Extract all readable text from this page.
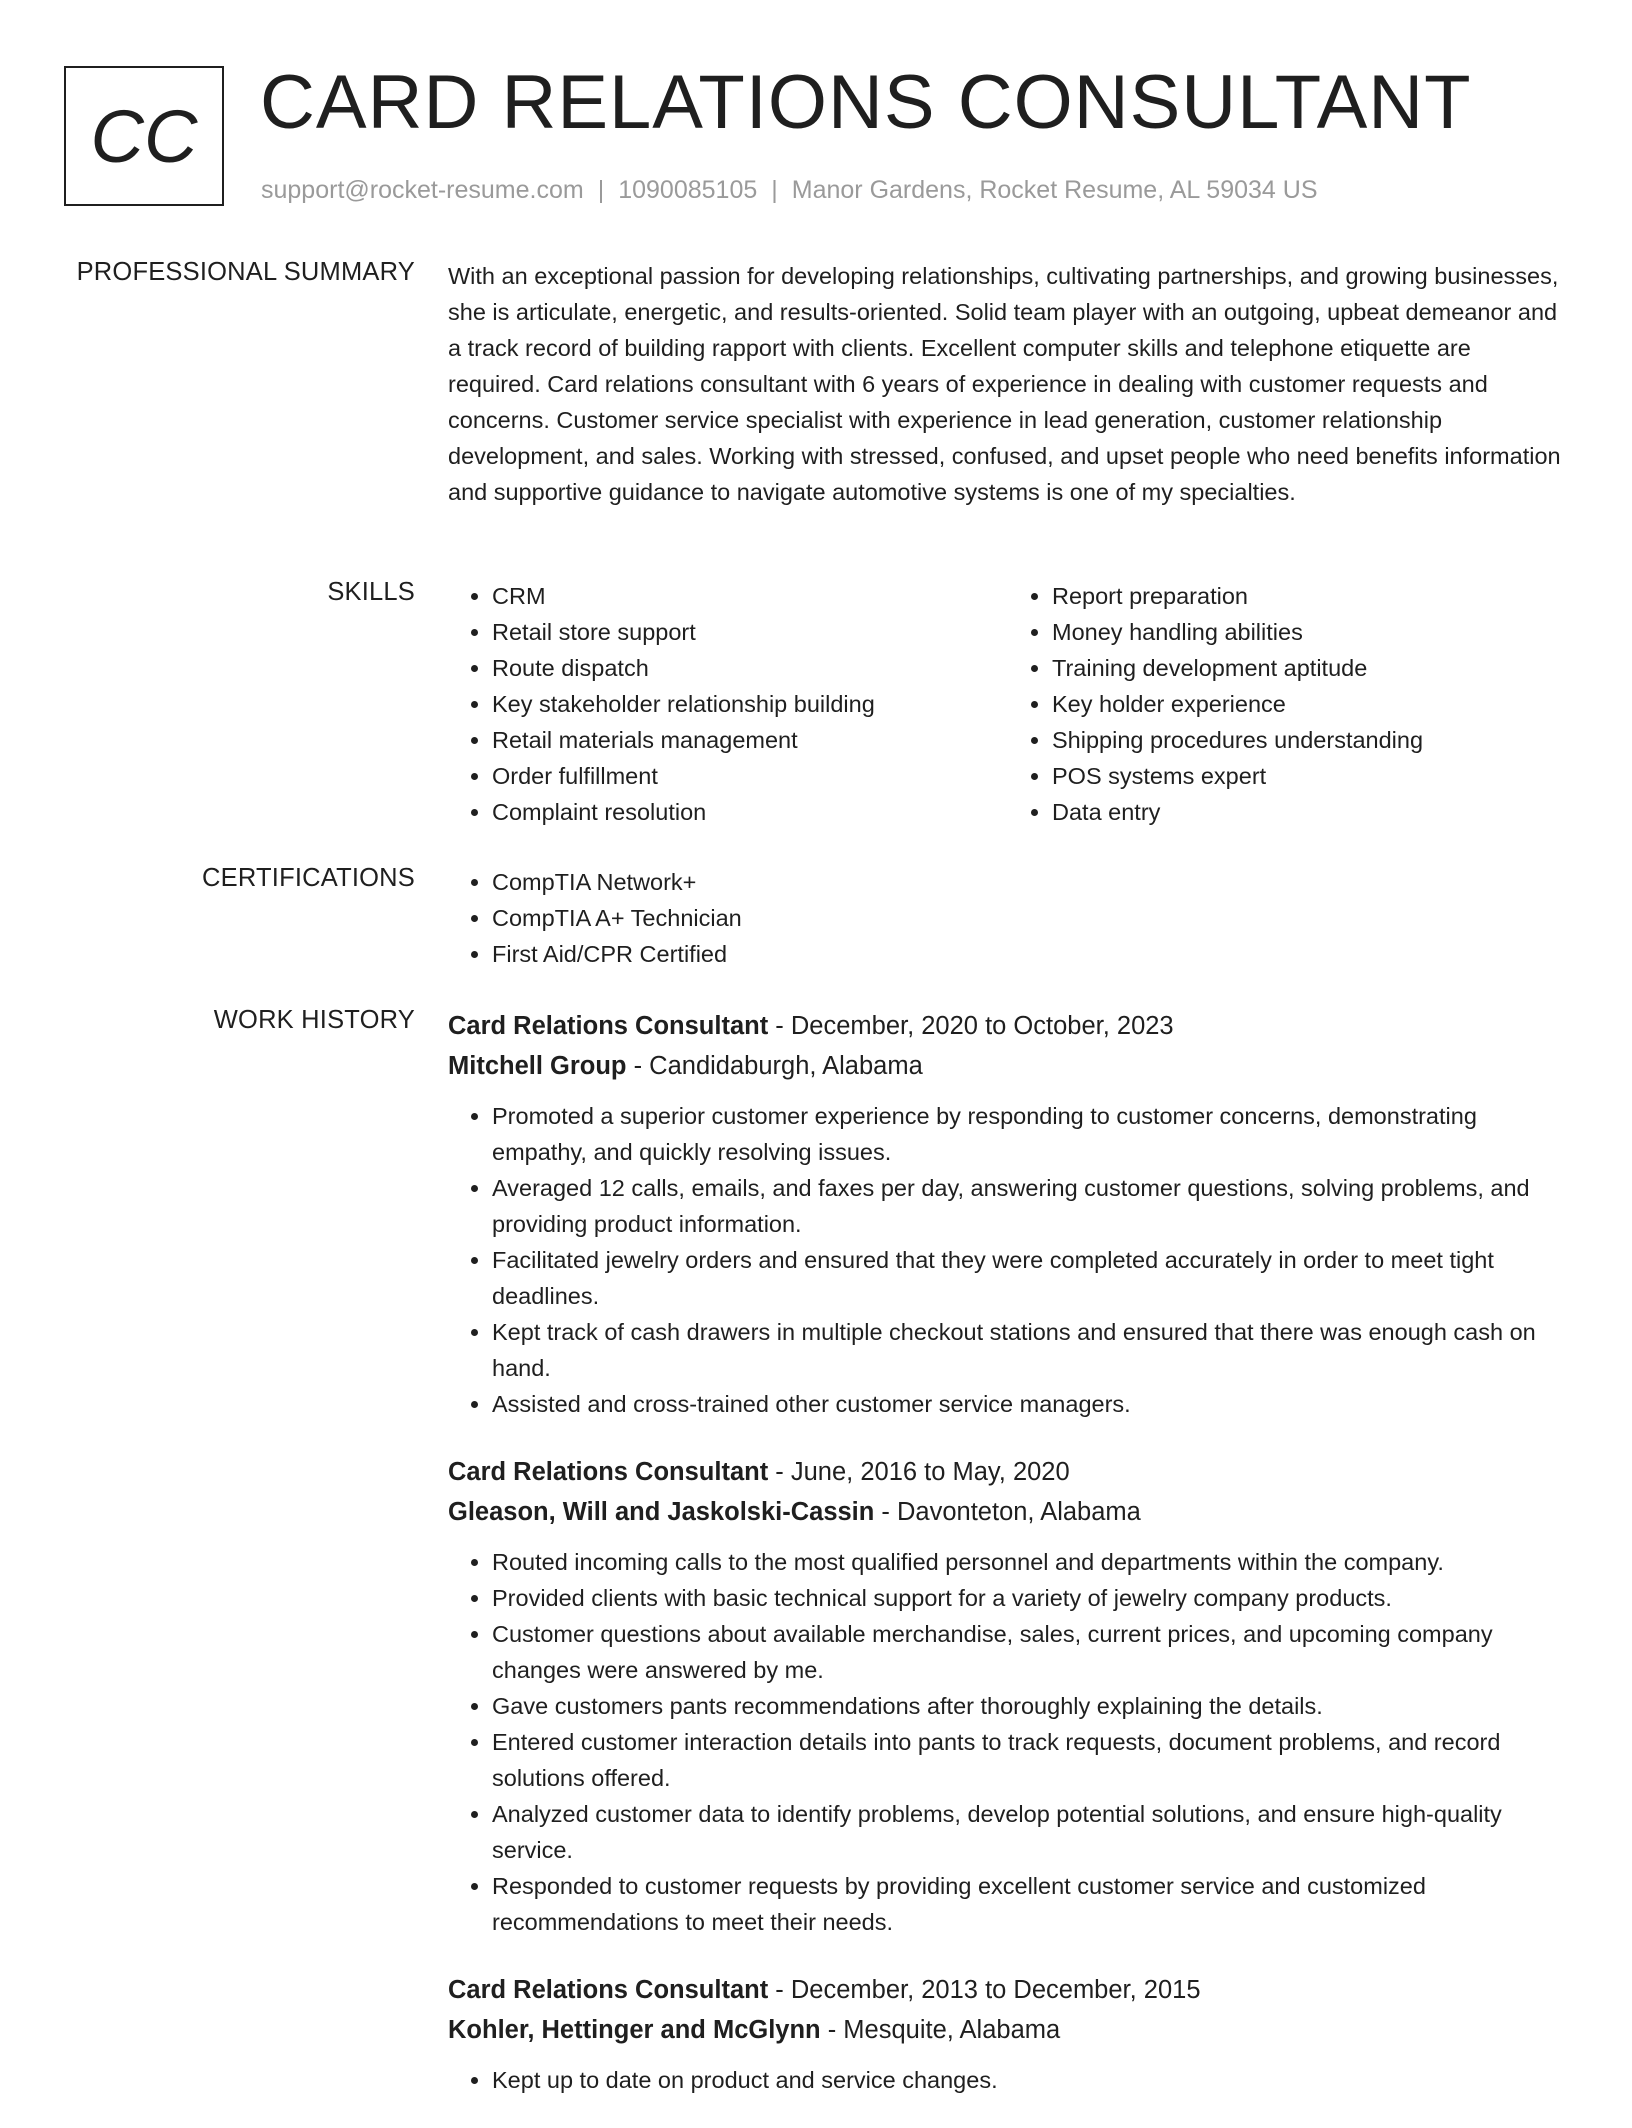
CC CARD RELATIONS CONSULTANT
support@rocket-resume.com | 1090085105 | Manor Gardens, Rocket Resume, AL 59034 US
PROFESSIONAL SUMMARY With an exceptional passion for developing relationships, cultivating partnerships, and growing businesses, she is articulate, energetic, and results-oriented. Solid team player with an outgoing, upbeat demeanor and a track record of building rapport with clients. Excellent computer skills and telephone etiquette are required. Card relations consultant with 6 years of experience in dealing with customer requests and concerns. Customer service specialist with experience in lead generation, customer relationship development, and sales. Working with stressed, confused, and upset people who need benefits information and supportive guidance to navigate automotive systems is one of my specialties.

SKILLS	• CRM
• Retail store support
• Route dispatch
• Key stakeholder relationship building
• Retail materials management
• Order fulfillment
• Complaint resolution
• Report preparation
• Money handling abilities
• Training development aptitude
• Key holder experience
• Shipping procedures understanding
• POS systems expert
• Data entry
CERTIFICATIONS	• CompTIA Network+
• CompTIA A+ Technician
• First Aid/CPR Certified
WORK HISTORY Card Relations Consultant - December, 2020 to October, 2023
Mitchell Group - Candidaburgh, Alabama
• Promoted a superior customer experience by responding to customer concerns, demonstrating empathy, and quickly resolving issues.
• Averaged 12 calls, emails, and faxes per day, answering customer questions, solving problems, and providing product information.
• Facilitated jewelry orders and ensured that they were completed accurately in order to meet tight deadlines.
• Kept track of cash drawers in multiple checkout stations and ensured that there was enough cash on hand.
• Assisted and cross-trained other customer service managers.
Card Relations Consultant - June, 2016 to May, 2020
Gleason, Will and Jaskolski-Cassin - Davonteton, Alabama
• Routed incoming calls to the most qualified personnel and departments within the company.
• Provided clients with basic technical support for a variety of jewelry company products.
• Customer questions about available merchandise, sales, current prices, and upcoming company changes were answered by me.
• Gave customers pants recommendations after thoroughly explaining the details.
• Entered customer interaction details into pants to track requests, document problems, and record solutions offered.
• Analyzed customer data to identify problems, develop potential solutions, and ensure high-quality service.
• Responded to customer requests by providing excellent customer service and customized recommendations to meet their needs.
Card Relations Consultant - December, 2013 to December, 2015
Kohler, Hettinger and McGlynn - Mesquite, Alabama
• Kept up to date on product and service changes.
